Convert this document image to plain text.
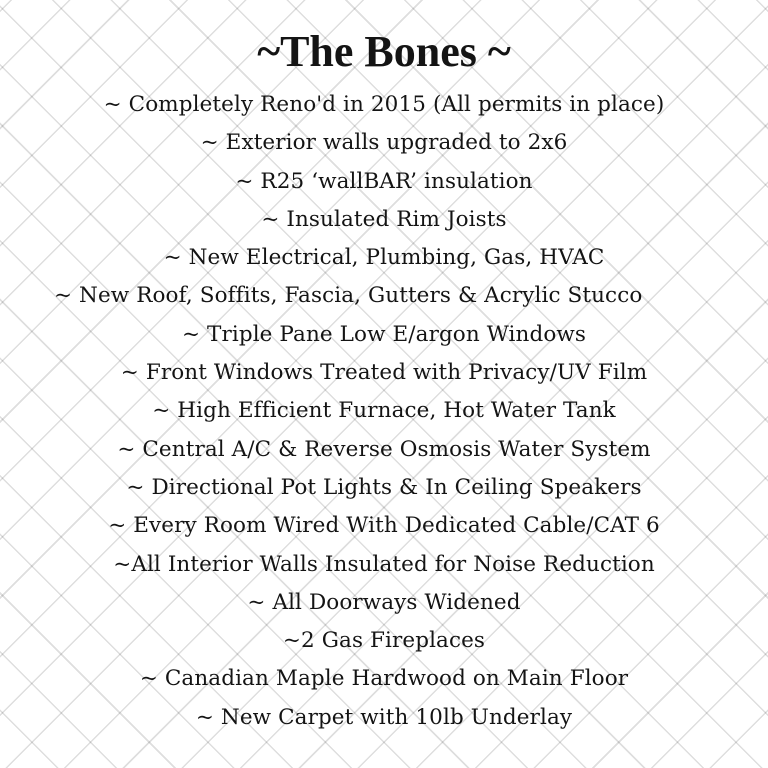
~The Bones ~
~ Completely Reno'd in 2015 (All permits in place)
~ Exterior walls upgraded to 2x6
~ R25 ‘wallBAR’ insulation
~ Insulated Rim Joists
~ New Electrical, Plumbing, Gas, HVAC
~ New Roof, Soffits, Fascia, Gutters & Acrylic Stucco
~ Triple Pane Low E/argon Windows
~ Front Windows Treated with Privacy/UV Film
~ High Efficient Furnace, Hot Water Tank
~ Central A/C & Reverse Osmosis Water System
~ Directional Pot Lights & In Ceiling Speakers
~ Every Room Wired With Dedicated Cable/CAT 6
~All Interior Walls Insulated for Noise Reduction
~ All Doorways Widened
~2 Gas Fireplaces
~ Canadian Maple Hardwood on Main Floor
~ New Carpet with 10lb Underlay
